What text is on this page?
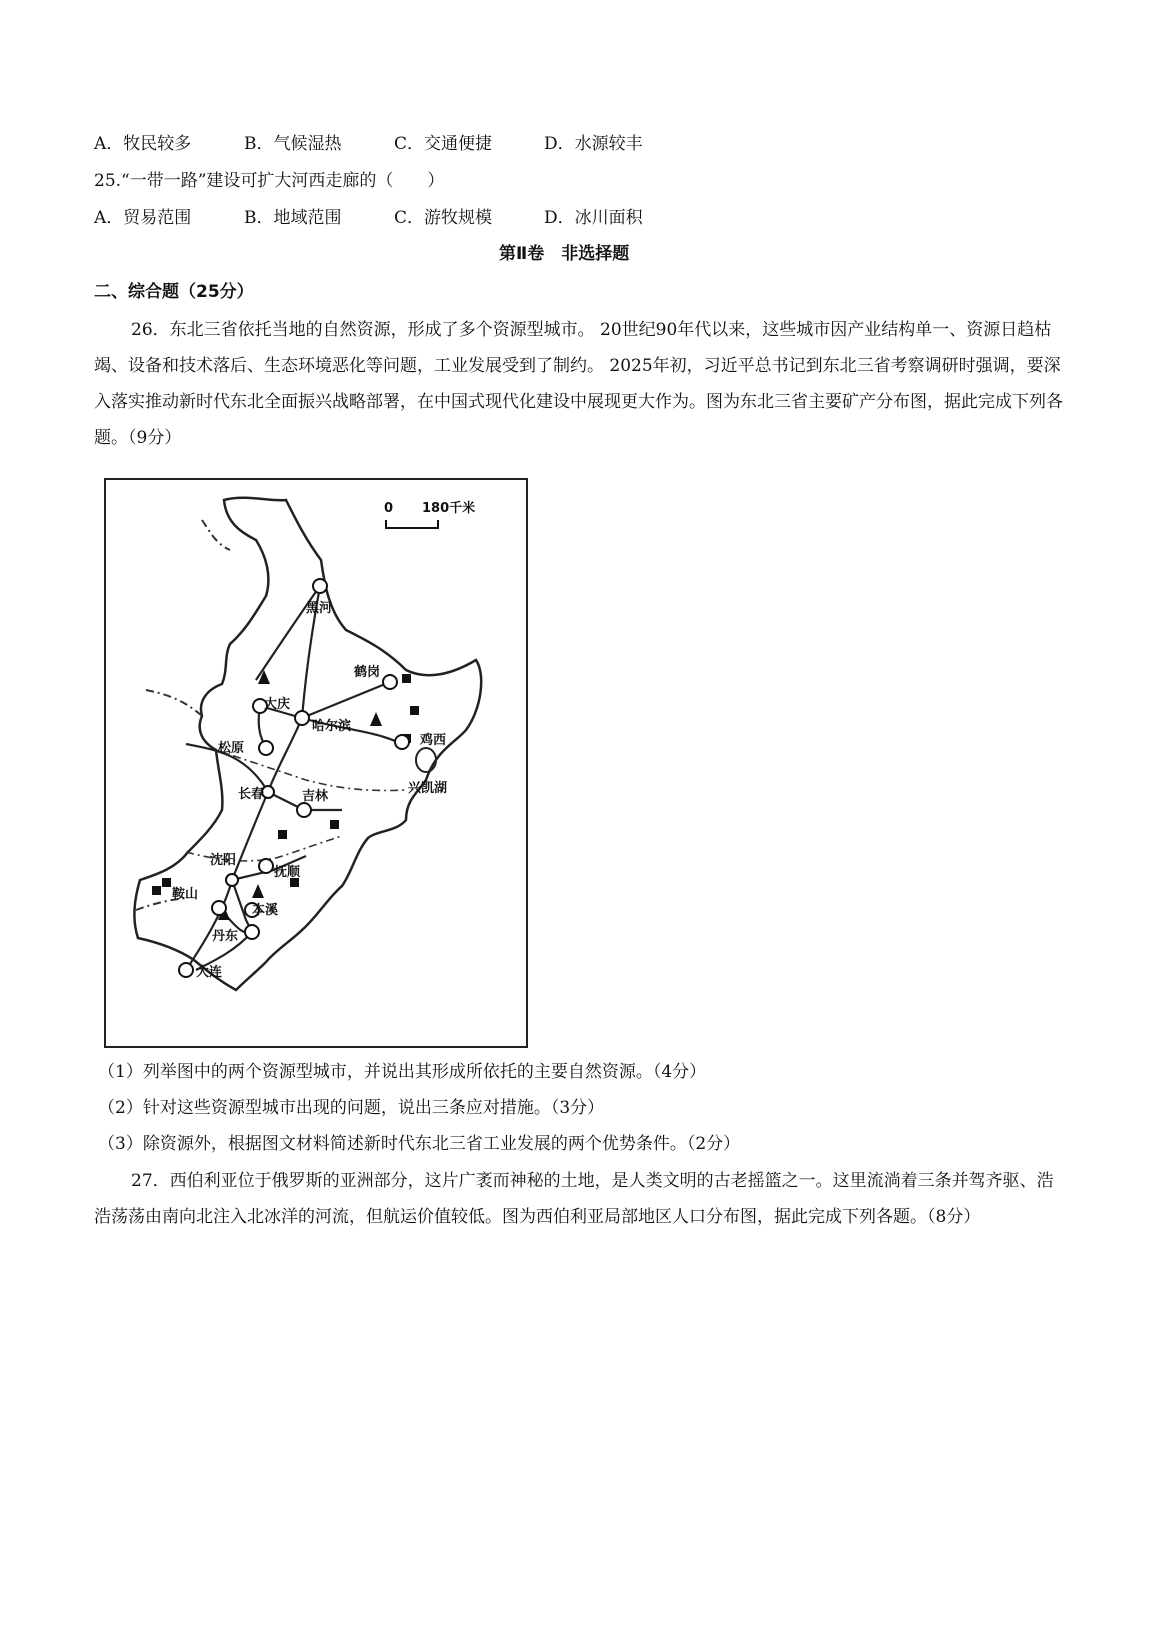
A．牧民较多	B．气候湿热	C．交通便捷	D．水源较丰
25.“一带一路”建设可扩大河西走廊的（　　）
A．贸易范围	B．地域范围	C．游牧规模	D．冰川面积
第Ⅱ卷　非选择题
二、综合题（25分）

26．东北三省依托当地的自然资源，形成了多个资源型城市。 20世纪90年代以来，这些城市因产业结构单一、资源日趋枯竭、设备和技术落后、生态环境恶化等问题，工业发展受到了制约。 2025年初，习近平总书记到东北三省考察调研时强调，要深入落实推动新时代东北全面振兴战略部署，在中国式现代化建设中展现更大作为。图为东北三省主要矿产分布图，据此完成下列各题。（9分）

0 180千米
黑河
鹤岗
大庆
哈尔滨
鸡西
松原
兴凯湖
长春	吉林
沈阳
抚顺
鞍山
本溪
丹东
大连
（1）列举图中的两个资源型城市，并说出其形成所依托的主要自然资源。（4分）
（2）针对这些资源型城市出现的问题，说出三条应对措施。（3分）
（3）除资源外，根据图文材料简述新时代东北三省工业发展的两个优势条件。（2分）

27．西伯利亚位于俄罗斯的亚洲部分，这片广袤而神秘的土地，是人类文明的古老摇篮之一。这里流淌着三条并驾齐驱、浩浩荡荡由南向北注入北冰洋的河流，但航运价值较低。图为西伯利亚局部地区人口分布图，据此完成下列各题。（8分）
